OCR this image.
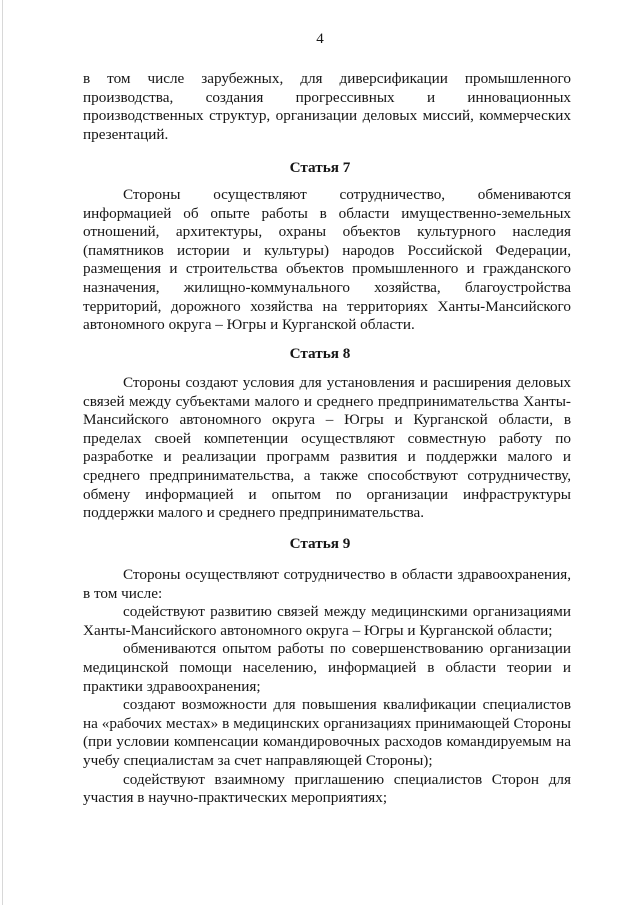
4
в том числе зарубежных, для диверсификации промышленного
производства, создания прогрессивных и инновационных
производственных структур, организации деловых миссий, коммерческих
презентаций.
Статья 7
Стороны осуществляют сотрудничество, обмениваются
информацией об опыте работы в области имущественно-земельных
отношений, архитектуры, охраны объектов культурного наследия
(памятников истории и культуры) народов Российской Федерации,
размещения и строительства объектов промышленного и гражданского
назначения, жилищно-коммунального хозяйства, благоустройства
территорий, дорожного хозяйства на территориях Ханты-Мансийского
автономного округа – Югры и Курганской области.
Статья 8
Стороны создают условия для установления и расширения деловых
связей между субъектами малого и среднего предпринимательства Ханты-
Мансийского автономного округа – Югры и Курганской области, в
пределах своей компетенции осуществляют совместную работу по
разработке и реализации программ развития и поддержки малого и
среднего предпринимательства, а также способствуют сотрудничеству,
обмену информацией и опытом по организации инфраструктуры
поддержки малого и среднего предпринимательства.
Статья 9
Стороны осуществляют сотрудничество в области здравоохранения,
в том числе:
содействуют развитию связей между медицинскими организациями
Ханты-Мансийского автономного округа – Югры и Курганской области;
обмениваются опытом работы по совершенствованию организации
медицинской помощи населению, информацией в области теории и
практики здравоохранения;
создают возможности для повышения квалификации специалистов
на «рабочих местах» в медицинских организациях принимающей Стороны
(при условии компенсации командировочных расходов командируемым на
учебу специалистам за счет направляющей Стороны);
содействуют взаимному приглашению специалистов Сторон для
участия в научно-практических мероприятиях;
